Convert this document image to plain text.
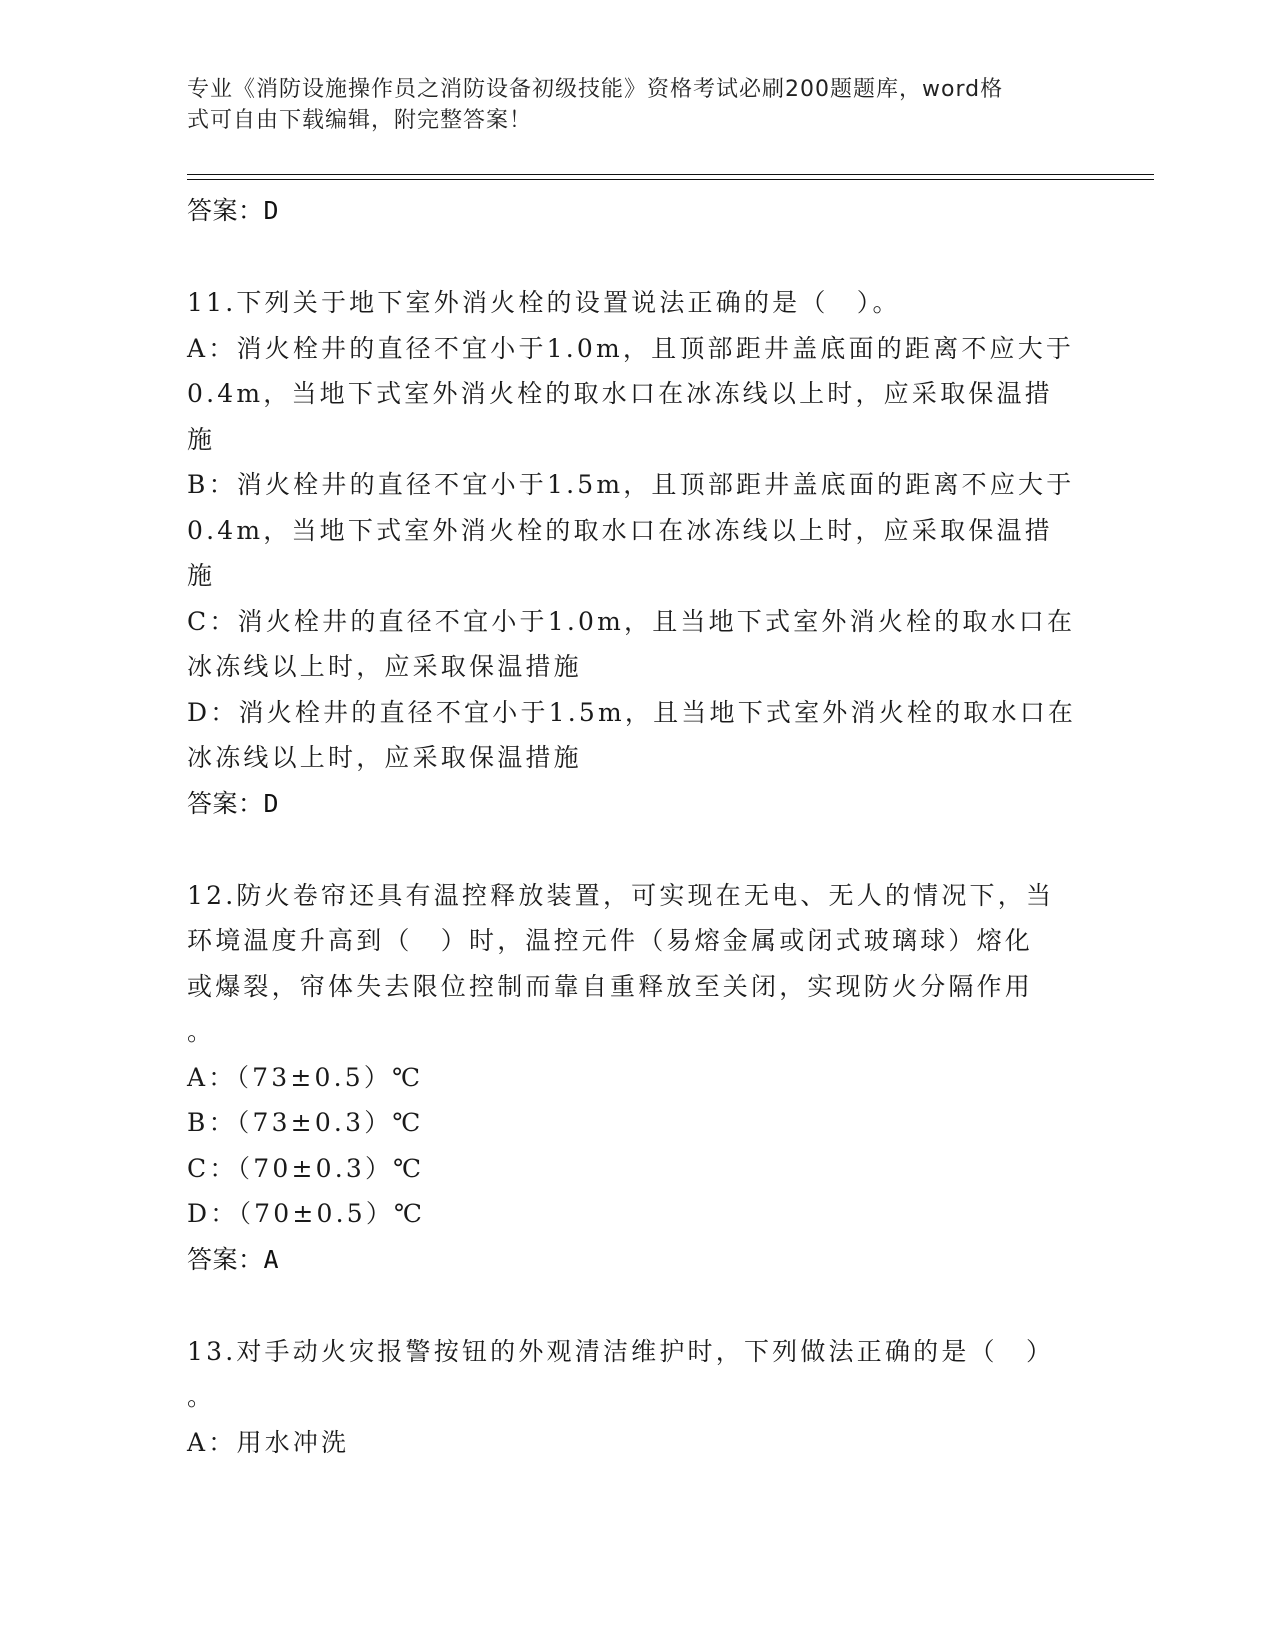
专业《消防设施操作员之消防设备初级技能》资格考试必刷200题题库，word格
式可自由下载编辑，附完整答案！
答案：D
11.下列关于地下室外消火栓的设置说法正确的是（　）。
A：消火栓井的直径不宜小于1.0m，且顶部距井盖底面的距离不应大于
0.4m，当地下式室外消火栓的取水口在冰冻线以上时，应采取保温措
施
B：消火栓井的直径不宜小于1.5m，且顶部距井盖底面的距离不应大于
0.4m，当地下式室外消火栓的取水口在冰冻线以上时，应采取保温措
施
C：消火栓井的直径不宜小于1.0m，且当地下式室外消火栓的取水口在
冰冻线以上时，应采取保温措施
D：消火栓井的直径不宜小于1.5m，且当地下式室外消火栓的取水口在
冰冻线以上时，应采取保温措施
答案：D
12.防火卷帘还具有温控释放装置，可实现在无电、无人的情况下，当
环境温度升高到（　）时，温控元件（易熔金属或闭式玻璃球）熔化
或爆裂，帘体失去限位控制而靠自重释放至关闭，实现防火分隔作用
。
A：（73±0.5）℃
B：（73±0.3）℃
C：（70±0.3）℃
D：（70±0.5）℃
答案：A
13.对手动火灾报警按钮的外观清洁维护时，下列做法正确的是（　）
。
A：用水冲洗
